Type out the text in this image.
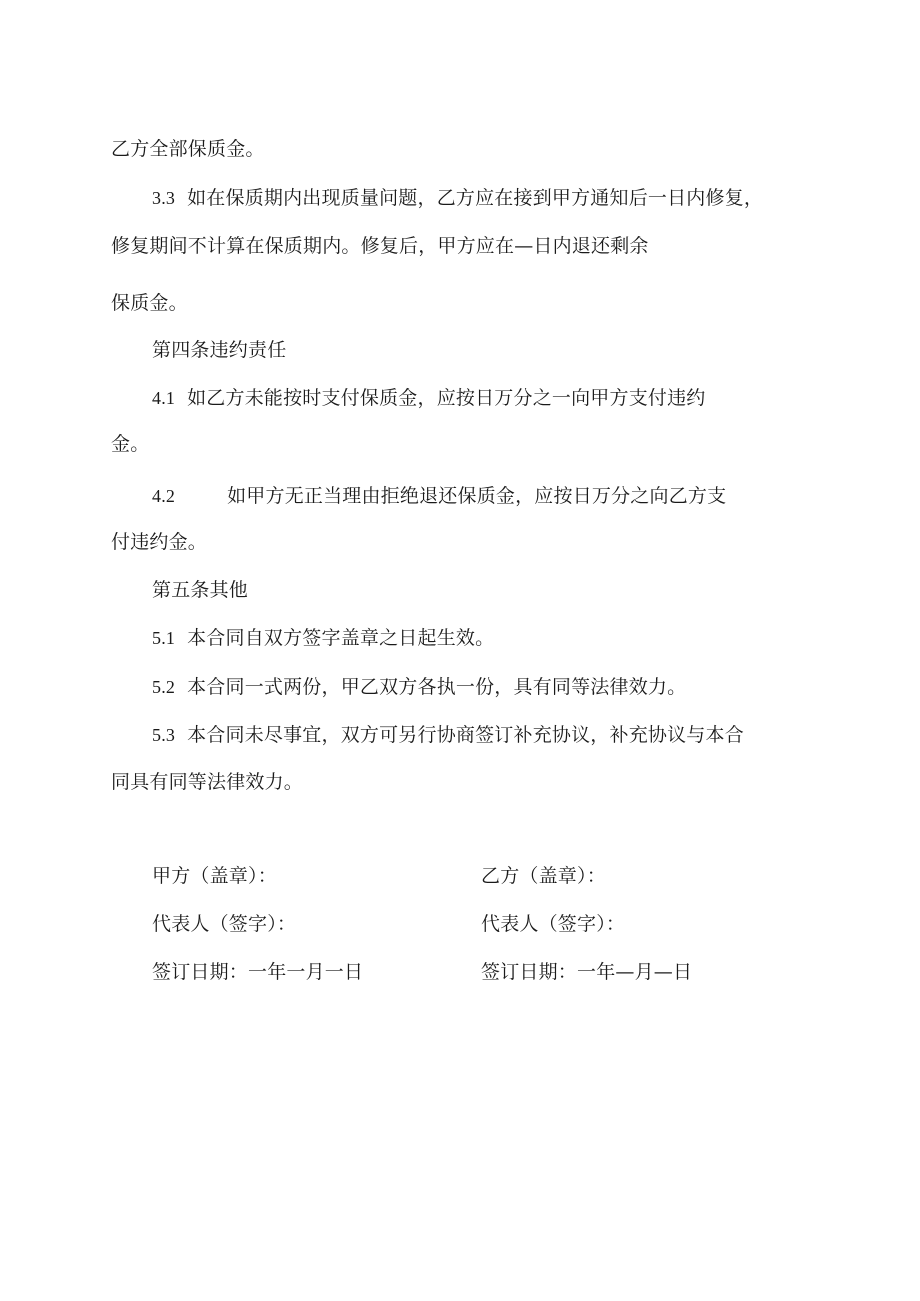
乙方全部保质金。
3.3 如在保质期内出现质量问题，乙方应在接到甲方通知后一日内修复，
修复期间不计算在保质期内。修复后，甲方应在—日内退还剩余
保质金。
第四条违约责任
4.1 如乙方未能按时支付保质金，应按日万分之一向甲方支付违约
金。
4.2	如甲方无正当理由拒绝退还保质金，应按日万分之向乙方支
付违约金。
第五条其他
5.1 本合同自双方签字盖章之日起生效。
5.2 本合同一式两份，甲乙双方各执一份，具有同等法律效力。
5.3 本合同未尽事宜，双方可另行协商签订补充协议，补充协议与本合
同具有同等法律效力。
甲方（盖章）：	乙方（盖章）：
代表人（签字）：	代表人（签字）：
签订日期：一年一月一日	签订日期：一年—月—日
